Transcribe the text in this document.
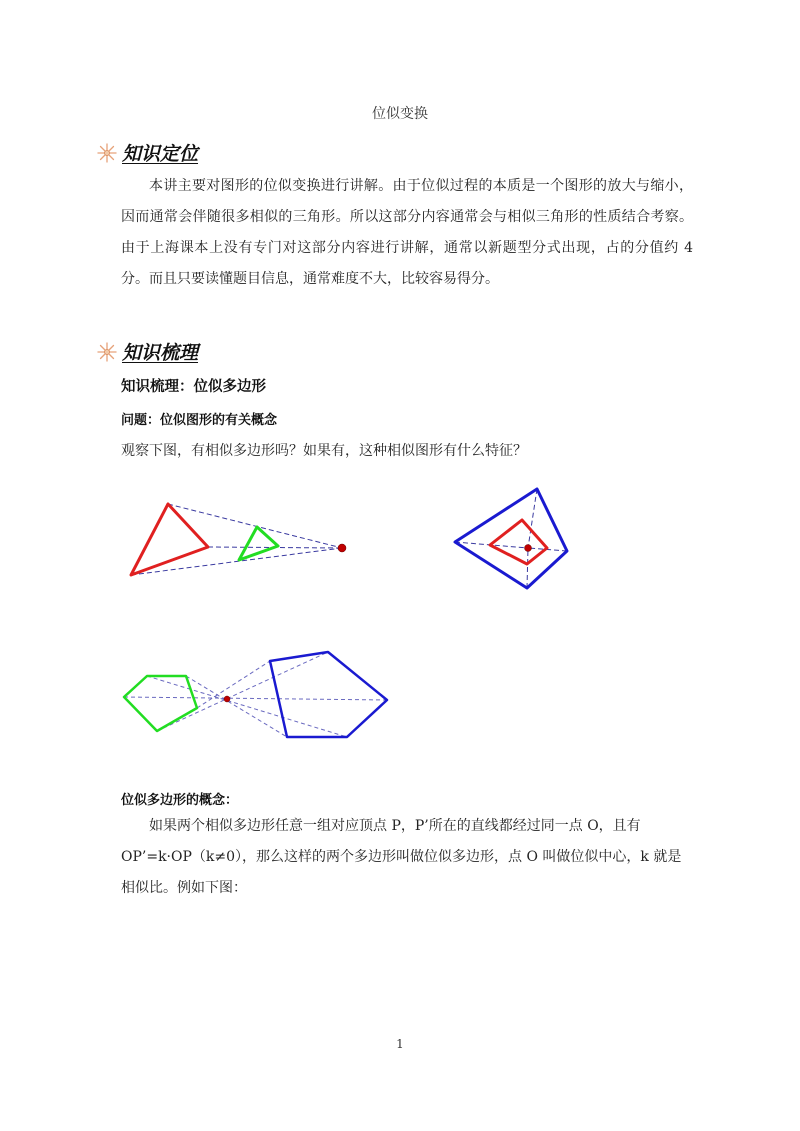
位似变换
知识定位

本讲主要对图形的位似变换进行讲解。由于位似过程的本质是一个图形的放大与缩小，因而通常会伴随很多相似的三角形。所以这部分内容通常会与相似三角形的性质结合考察。由于上海课本上没有专门对这部分内容进行讲解，通常以新题型分式出现，占的分值约 4 分。而且只要读懂题目信息，通常难度不大，比较容易得分。

知识梳理
知识梳理：位似多边形
问题：位似图形的有关概念
观察下图，有相似多边形吗？如果有，这种相似图形有什么特征？
位似多边形的概念：

如果两个相似多边形任意一组对应顶点 P，P’所在的直线都经过同一点 O，且有
OP’=k·OP（k≠0），那么这样的两个多边形叫做位似多边形，点 O 叫做位似中心，k 就是
相似比。例如下图：

1
